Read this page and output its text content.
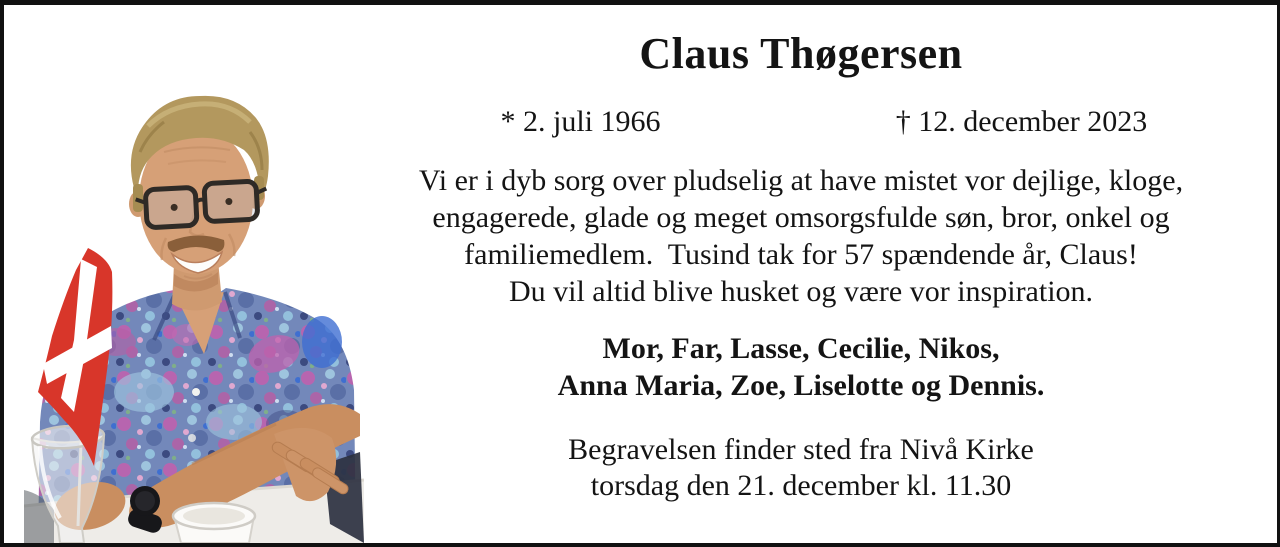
Claus Thøgersen
* 2. juli 1966	† 12. december 2023
Vi er i dyb sorg over pludselig at have mistet vor dejlige, kloge,
engagerede, glade og meget omsorgsfulde søn, bror, onkel og
familiemedlem.  Tusind tak for 57 spændende år, Claus!
Du vil altid blive husket og være vor inspiration.
Mor, Far, Lasse, Cecilie, Nikos,
Anna Maria, Zoe, Liselotte og Dennis.
Begravelsen finder sted fra Nivå Kirke
torsdag den 21. december kl. 11.30
